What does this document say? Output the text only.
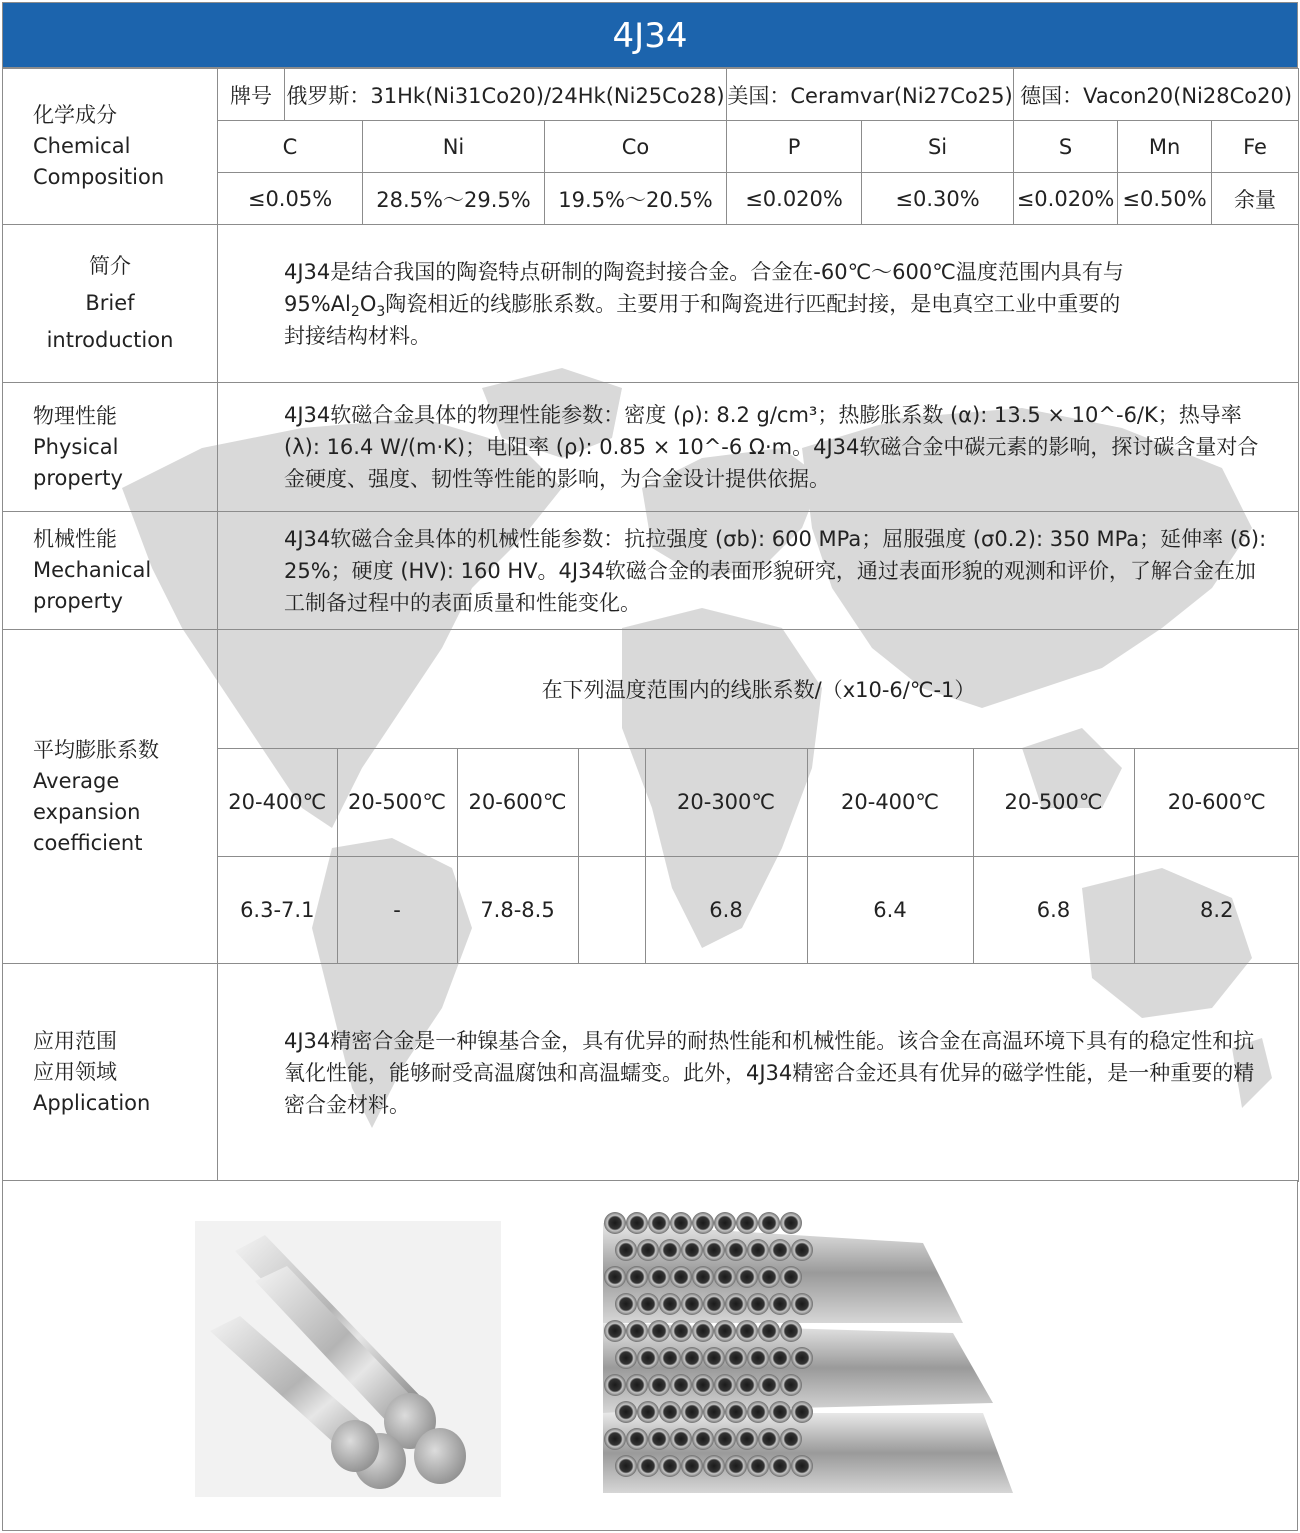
4J34
化学成分
Chemical
Composition
	牌号	俄罗斯：31Hk(Ni31Co20)/24Hk(Ni25Co28)	美国：Ceramvar(Ni27Co25)	德国：Vacon20(Ni28Co20)
C	Ni	Co	P	Si	S	Mn	Fe
≤0.05%	28.5%～29.5%	19.5%～20.5%	≤0.020%	≤0.30%	≤0.020%	≤0.50%	余量

简介
Brief
introduction

4J34是结合我国的陶瓷特点研制的陶瓷封接合金。合金在-60℃～600℃温度范围内具有与
$95\%Al_2O_3$陶瓷相近的线膨胀系数。主要用于和陶瓷进行匹配封接，是电真空工业中重要的
封接结构材料。

物理性能
Physical
property
	4J34软磁合金具体的物理性能参数：密度 (ρ): 8.2 g/cm³；热膨胀系数 (α): 13.5 × 10^-6/K；热导率 (λ): 16.4 W/(m·K)；电阻率 (ρ): 0.85 × 10^-6 Ω·m。4J34软磁合金中碳元素的影响，探讨碳含量对合金硬度、强度、韧性等性能的影响，为合金设计提供依据。

机械性能
Mechanical
property
	4J34软磁合金具体的机械性能参数：抗拉强度 (σb): 600 MPa；屈服强度 (σ0.2): 350 MPa；延伸率 (δ): 25%；硬度 (HV): 160 HV。4J34软磁合金的表面形貌研究，通过表面形貌的观测和评价，了解合金在加工制备过程中的表面质量和性能变化。

平均膨胀系数
Average
expansion
coefficient

在下列温度范围内的线胀系数/（x10-6/℃-1）
20-400℃	20-500℃	20-600℃		20-300℃	20-400℃	20-500℃	20-600℃
6.3-7.1	-	7.8-8.5		6.8	6.4	6.8	8.2

应用范围
应用领域
Application
	4J34精密合金是一种镍基合金，具有优异的耐热性能和机械性能。该合金在高温环境下具有的稳定性和抗氧化性能，能够耐受高温腐蚀和高温蠕变。此外，4J34精密合金还具有优异的磁学性能，是一种重要的精密合金材料。
